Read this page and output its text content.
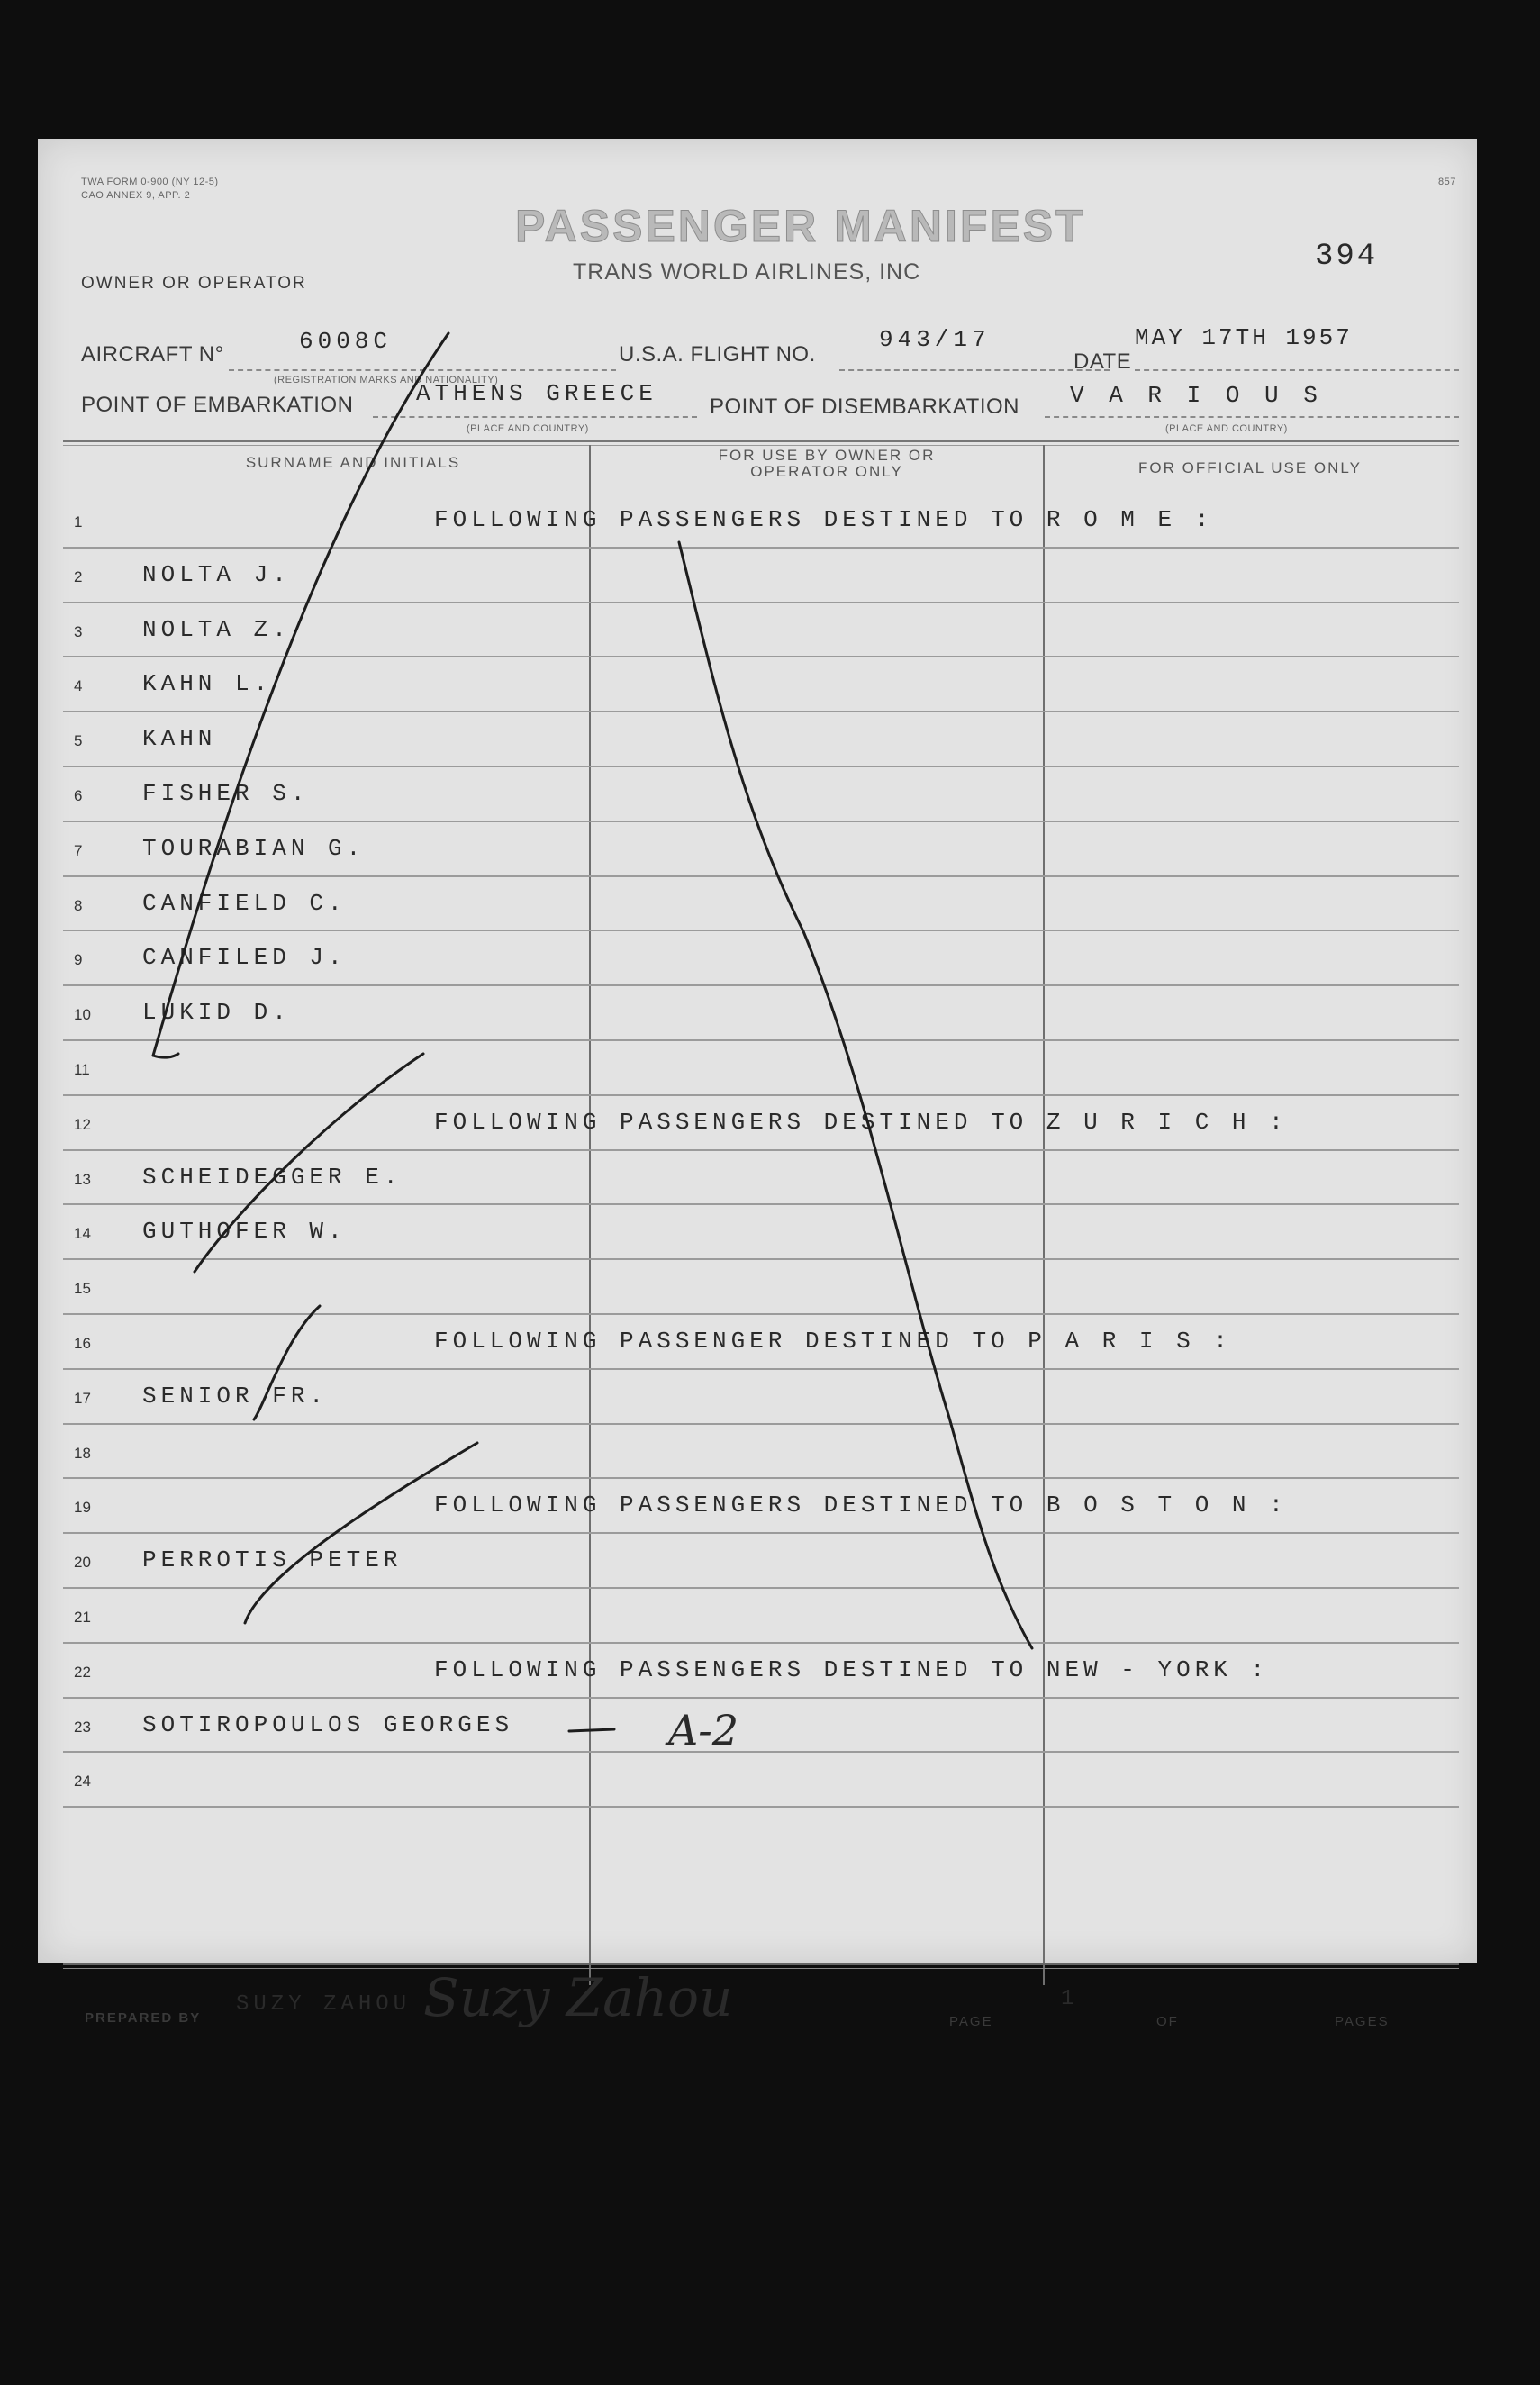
TWA FORM 0-900 (NY 12-5)
CAO ANNEX 9, APP. 2
857
PASSENGER MANIFEST
TRANS WORLD AIRLINES, INC	394
OWNER OR OPERATOR
AIRCRAFT N°	6008C
(REGISTRATION MARKS AND NATIONALITY)
U.S.A. FLIGHT NO.
943/17
DATE
MAY 17TH 1957
POINT OF EMBARKATION	ATHENS GREECE
(PLACE AND COUNTRY)
POINT OF DISEMBARKATION V A R I O U S
(PLACE AND COUNTRY)
SURNAME AND INITIALS	FOR USE BY OWNER OR OPERATOR ONLY	FOR OFFICIAL USE ONLY
1	FOLLOWING PASSENGERS DESTINED TO R O M E :
2	NOLTA J.
3	NOLTA Z.
4	KAHN L.
5	KAHN
6	FISHER S.
7	TOURABIAN G.
8	CANFIELD C.
9	CANFILED J.
10 LUKID D.
11
12	FOLLOWING PASSENGERS DESTINED TO Z U R I C H :
13 SCHEIDEGGER E.
14 GUTHOFER W.
15
16	FOLLOWING PASSENGER DESTINED TO P A R I S :
17 SENIOR FR.
18
19	FOLLOWING PASSENGERS DESTINED TO B O S T O N :
20 PERROTIS PETER
21
22	FOLLOWING PASSENGERS DESTINED TO NEW - YORK :
23 SOTIROPOULOS GEORGES
24
PREPARED BY
SUZY ZAHOU Suzy Zahou	PAGE
1
OF	PAGES
A-2
